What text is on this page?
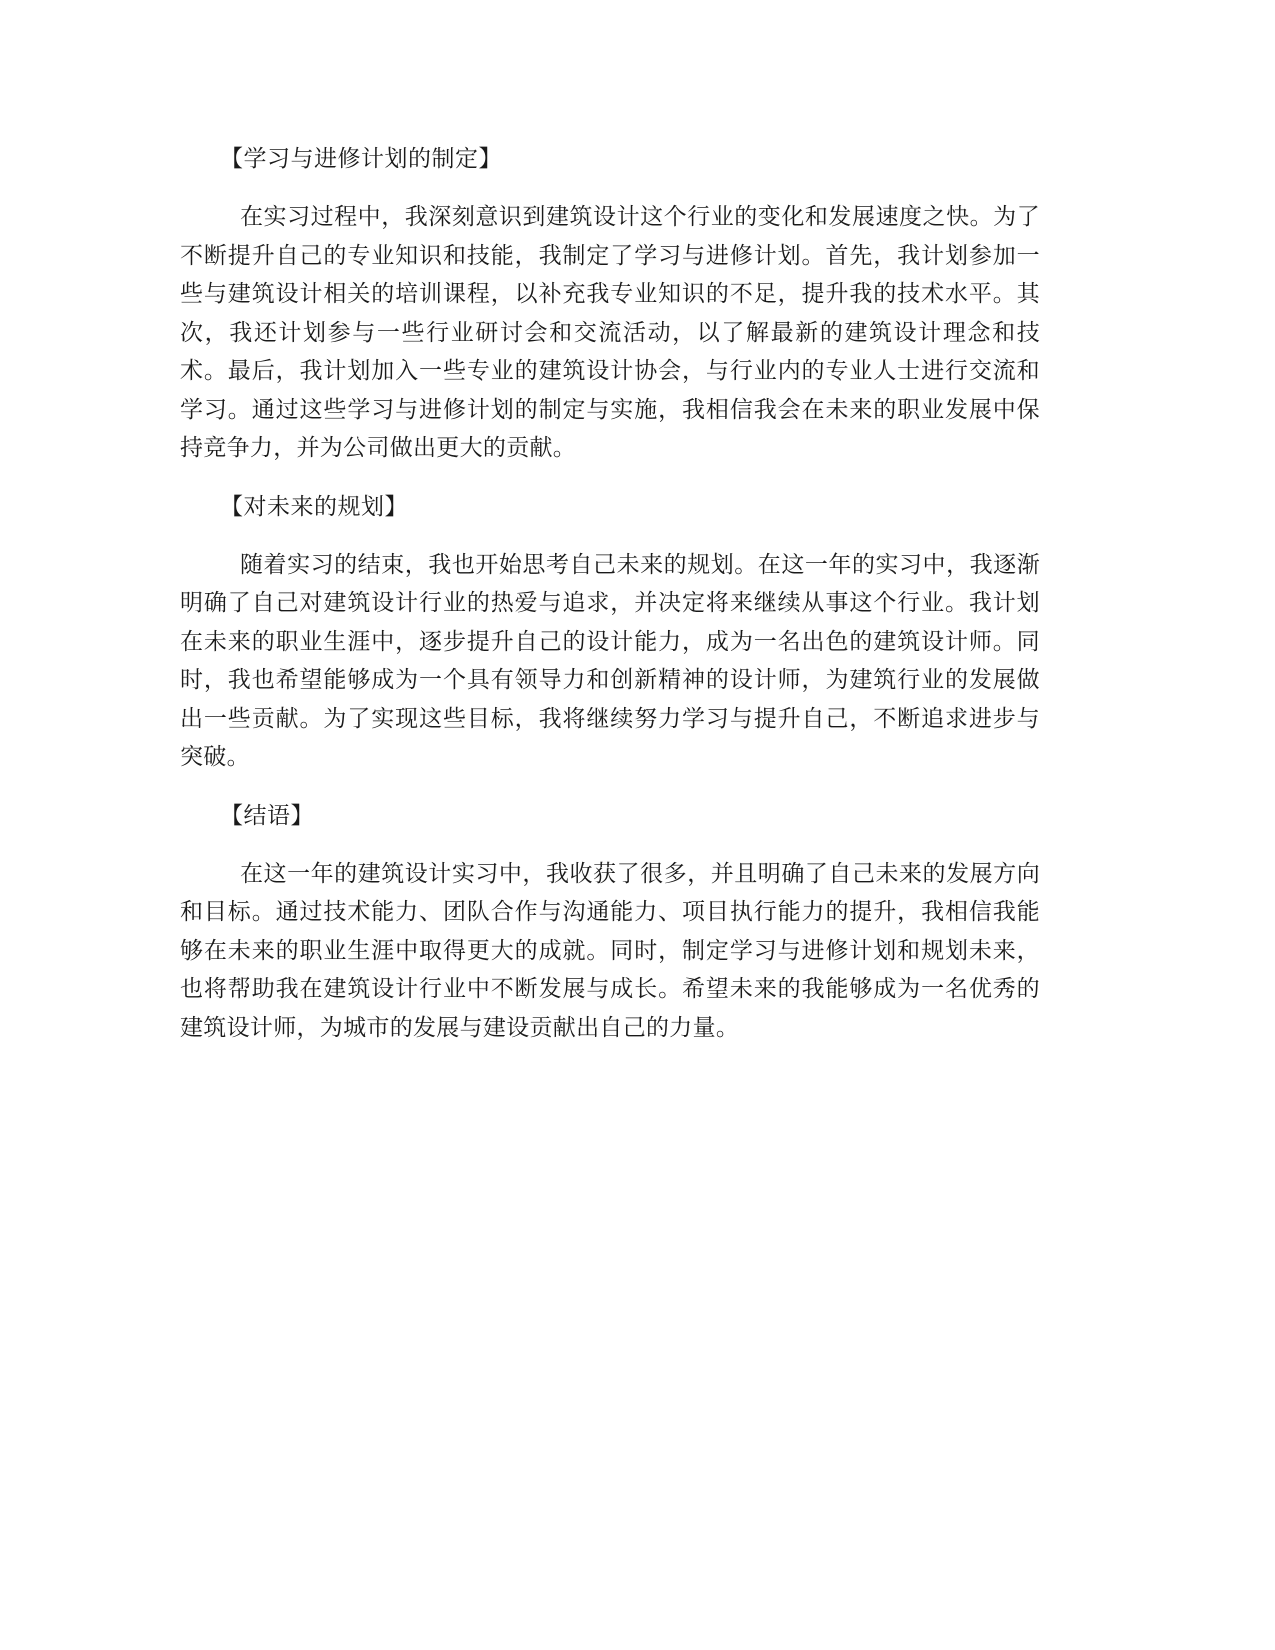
【学习与进修计划的制定】

在实习过程中，我深刻意识到建筑设计这个行业的变化和发展速度之快。为了不断提升自己的专业知识和技能，我制定了学习与进修计划。首先，我计划参加一些与建筑设计相关的培训课程，以补充我专业知识的不足，提升我的技术水平。其次，我还计划参与一些行业研讨会和交流活动，以了解最新的建筑设计理念和技术。最后，我计划加入一些专业的建筑设计协会，与行业内的专业人士进行交流和学习。通过这些学习与进修计划的制定与实施，我相信我会在未来的职业发展中保持竞争力，并为公司做出更大的贡献。

【对未来的规划】

随着实习的结束，我也开始思考自己未来的规划。在这一年的实习中，我逐渐明确了自己对建筑设计行业的热爱与追求，并决定将来继续从事这个行业。我计划在未来的职业生涯中，逐步提升自己的设计能力，成为一名出色的建筑设计师。同时，我也希望能够成为一个具有领导力和创新精神的设计师，为建筑行业的发展做出一些贡献。为了实现这些目标，我将继续努力学习与提升自己，不断追求进步与突破。

【结语】

在这一年的建筑设计实习中，我收获了很多，并且明确了自己未来的发展方向和目标。通过技术能力、团队合作与沟通能力、项目执行能力的提升，我相信我能够在未来的职业生涯中取得更大的成就。同时，制定学习与进修计划和规划未来，也将帮助我在建筑设计行业中不断发展与成长。希望未来的我能够成为一名优秀的建筑设计师，为城市的发展与建设贡献出自己的力量。
